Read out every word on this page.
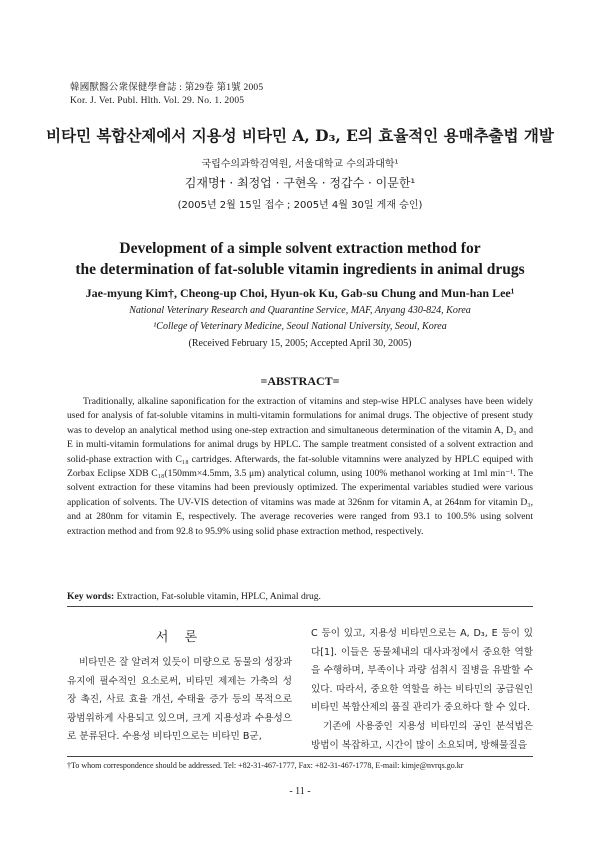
韓國獸醫公衆保健學會誌 : 第29卷 第1號 2005
Kor. J. Vet. Publ. Hlth. Vol. 29. No. 1. 2005
비타민 복합산제에서 지용성 비타민 A, D₃, E의 효율적인 용매추출법 개발
국립수의과학검역원, 서울대학교 수의과대학¹
김재명† · 최정업 · 구현옥 · 정갑수 · 이문한¹
(2005년 2월 15일 접수 ; 2005년 4월 30일 게재 승인)
Development of a simple solvent extraction method for
the determination of fat-soluble vitamin ingredients in animal drugs
Jae-myung Kim†, Cheong-up Choi, Hyun-ok Ku, Gab-su Chung and Mun-han Lee¹
National Veterinary Research and Quarantine Service, MAF, Anyang 430-824, Korea
¹College of Veterinary Medicine, Seoul National University, Seoul, Korea
(Received February 15, 2005; Accepted April 30, 2005)
=ABSTRACT=

Traditionally, alkaline saponification for the extraction of vitamins and step-wise HPLC analyses have been widely used for analysis of fat-soluble vitamins in multi-vitamin formulations for animal drugs. The objective of present study was to develop an analytical method using one-step extraction and simultaneous determination of the vitamin A, D₃ and E in multi-vitamin formulations for animal drugs by HPLC. The sample treatment consisted of a solvent extraction and solid-phase extraction with C₁₈ cartridges. Afterwards, the fat-soluble vitamnins were analyzed by HPLC equiped with Zorbax Eclipse XDB C₁₈(150mm×4.5mm, 3.5 μm) analytical column, using 100% methanol working at 1ml min⁻¹. The solvent extraction for these vitamins had been previously optimized. The experimental variables studied were various application of solvents. The UV-VIS detection of vitamins was made at 326nm for vitamin A, at 264nm for vitamin D₃, and at 280nm for vitamin E, respectively. The average recoveries were ranged from 93.1 to 100.5% using solvent extraction method and from 92.8 to 95.9% using solid phase extraction method, respectively.

Key words: Extraction, Fat-soluble vitamin, HPLC, Animal drug.
서 론

비타민은 잘 알려져 있듯이 미량으로 동물의 성장과 유지에 필수적인 요소로써, 비타민 제제는 가축의 성장 촉진, 사료 효율 개선, 수태율 증가 등의 목적으로 광범위하게 사용되고 있으며, 크게 지용성과 수용성으로 분류된다. 수용성 비타민으로는 비타민 B군,

C 등이 있고, 지용성 비타민으로는 A, D₃, E 등이 있다[1]. 이들은 동물체내의 대사과정에서 중요한 역할을 수행하며, 부족이나 과량 섭취시 질병을 유발할 수 있다. 따라서, 중요한 역할을 하는 비타민의 공급원인 비타민 복합산제의 품질 관리가 중요하다 할 수 있다.

기존에 사용중인 지용성 비타민의 공인 분석법은 방법이 복잡하고, 시간이 많이 소요되며, 방해물질을

†To whom correspondence should be addressed. Tel: +82-31-467-1777, Fax: +82-31-467-1778, E-mail: kimje@nvrqs.go.kr
- 11 -
